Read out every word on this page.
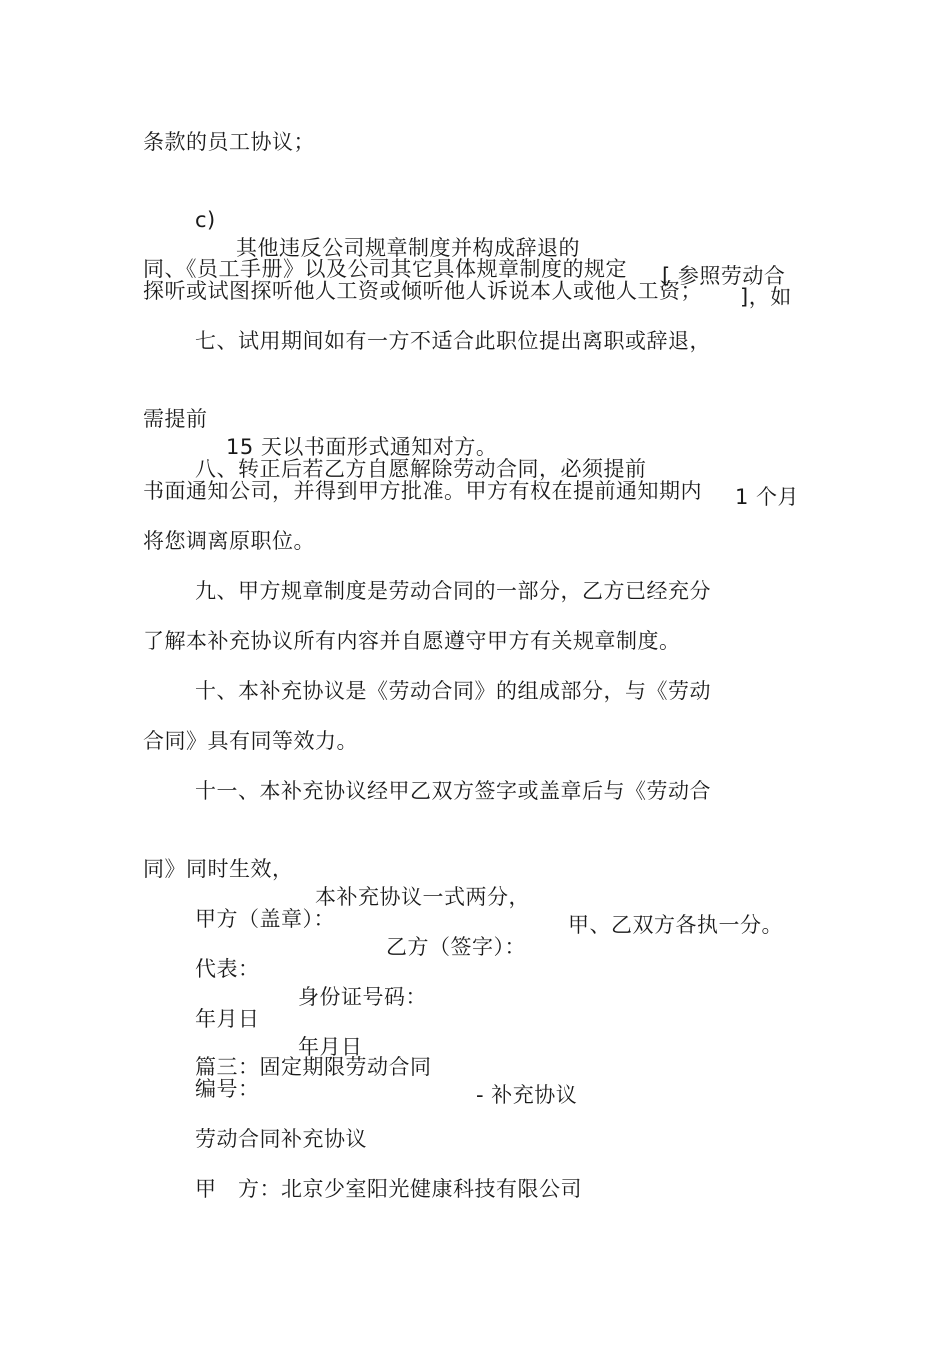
条款的员工协议；

c)

其他违反公司规章制度并构成辞退的

[ 参照劳动合

同、《员工手册》以及公司其它具体规章制度的规定

]，如

探听或试图探听他人工资或倾听他人诉说本人或他人工资；
七、试用期间如有一方不适合此职位提出离职或辞退，

需提前

15 天以书面形式通知对方。

八、转正后若乙方自愿解除劳动合同，必须提前

1 个月

书面通知公司，并得到甲方批准。甲方有权在提前通知期内
将您调离原职位。
九、甲方规章制度是劳动合同的一部分，乙方已经充分
了解本补充协议所有内容并自愿遵守甲方有关规章制度。
十、本补充协议是《劳动合同》的组成部分，与《劳动
合同》具有同等效力。
十一、本补充协议经甲乙双方签字或盖章后与《劳动合

同》同时生效，

本补充协议一式两分，

甲、乙双方各执一分。

甲方（盖章）：

乙方（签字）：

代表：

身份证号码：

年月日

年月日

篇三：固定期限劳动合同

- 补充协议

编号：
劳动合同补充协议
甲   方：北京少室阳光健康科技有限公司
